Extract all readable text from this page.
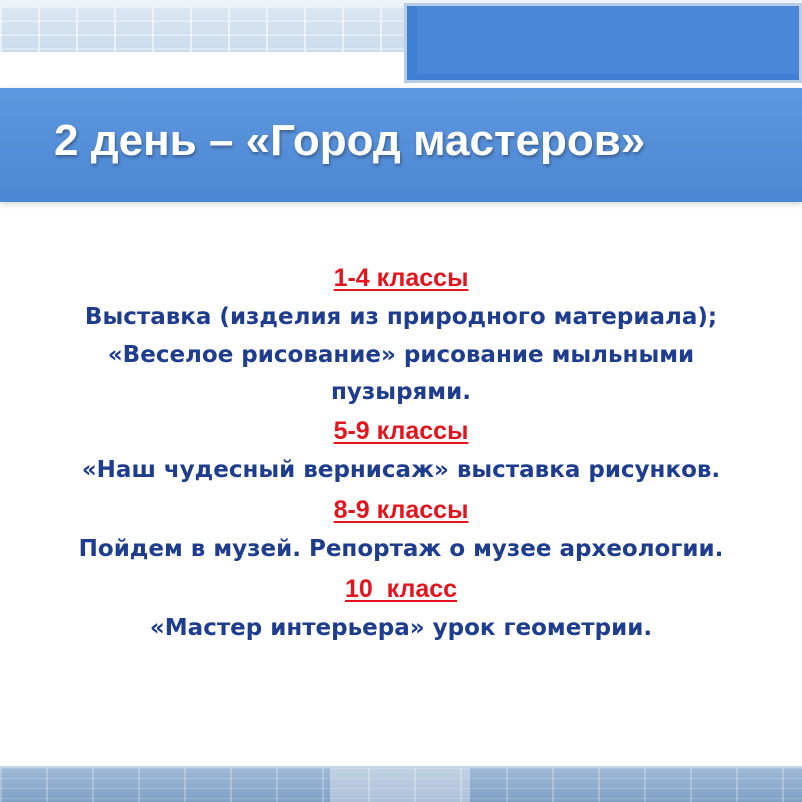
2 день – «Город мастеров»
1-4 классы
Выставка (изделия из природного материала);
«Веселое рисование» рисование мыльными пузырями.
5-9 классы
«Наш чудесный вернисаж» выставка рисунков.
8-9 классы
Пойдем в музей. Репортаж о музее археологии.
10  класс
«Мастер интерьера» урок геометрии.
